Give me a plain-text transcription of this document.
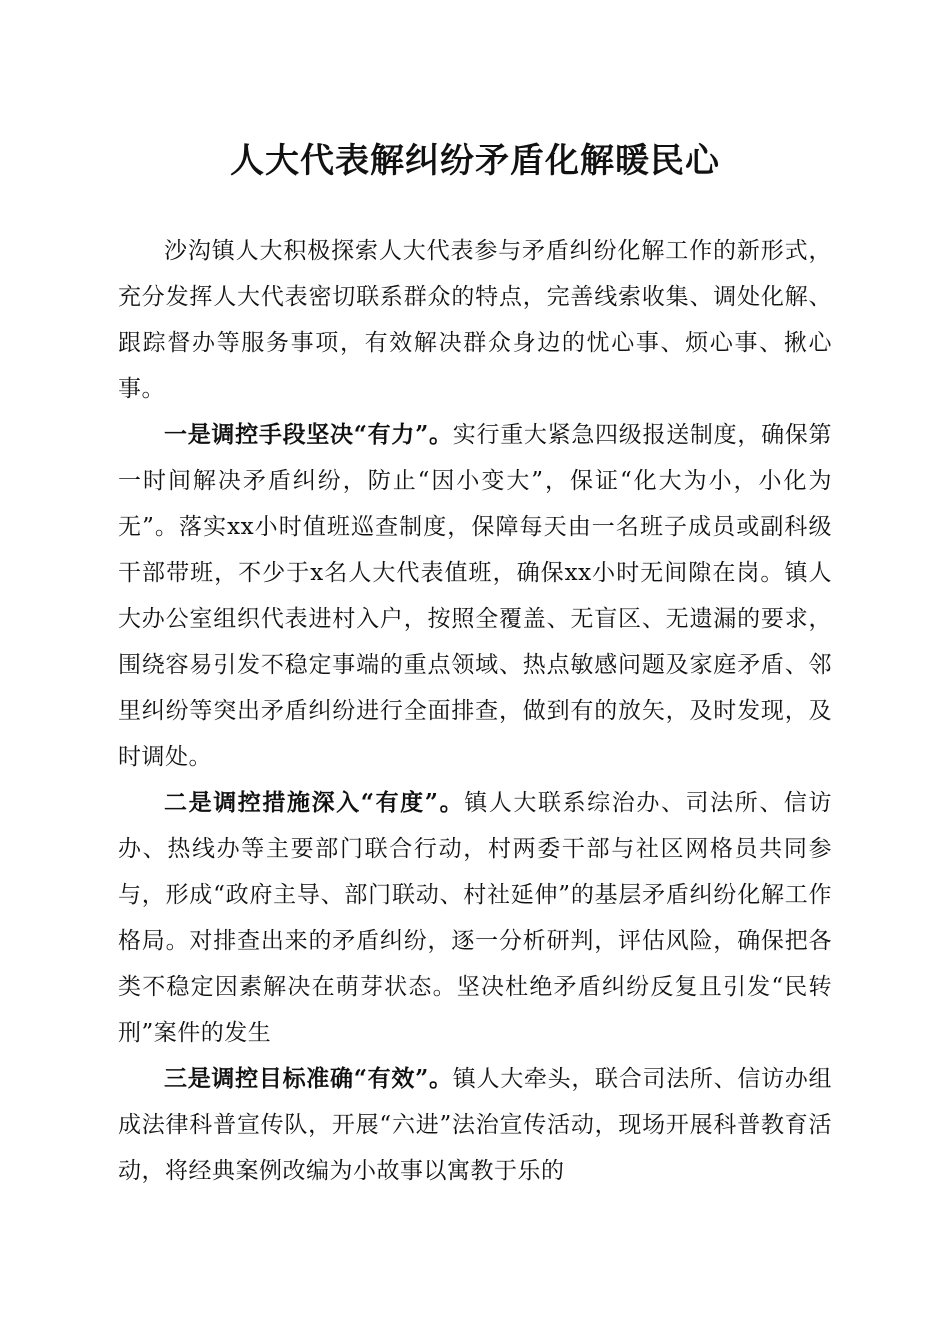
人大代表解纠纷矛盾化解暖民心

沙沟镇人大积极探索人大代表参与矛盾纠纷化解工作的新形式，充分发挥人大代表密切联系群众的特点，完善线索收集、调处化解、跟踪督办等服务事项，有效解决群众身边的忧心事、烦心事、揪心事。

一是调控手段坚决“有力”。实行重大紧急四级报送制度，确保第一时间解决矛盾纠纷，防止“因小变大”，保证“化大为小，小化为无”。落实xx小时值班巡查制度，保障每天由一名班子成员或副科级干部带班，不少于x名人大代表值班，确保xx小时无间隙在岗。镇人大办公室组织代表进村入户，按照全覆盖、无盲区、无遗漏的要求，围绕容易引发不稳定事端的重点领域、热点敏感问题及家庭矛盾、邻里纠纷等突出矛盾纠纷进行全面排查，做到有的放矢，及时发现，及时调处。

二是调控措施深入“有度”。镇人大联系综治办、司法所、信访办、热线办等主要部门联合行动，村两委干部与社区网格员共同参与，形成“政府主导、部门联动、村社延伸”的基层矛盾纠纷化解工作格局。对排查出来的矛盾纠纷，逐一分析研判，评估风险，确保把各类不稳定因素解决在萌芽状态。坚决杜绝矛盾纠纷反复且引发“民转刑”案件的发生

三是调控目标准确“有效”。镇人大牵头，联合司法所、信访办组成法律科普宣传队，开展“六进”法治宣传活动，现场开展科普教育活动，将经典案例改编为小故事以寓教于乐的
